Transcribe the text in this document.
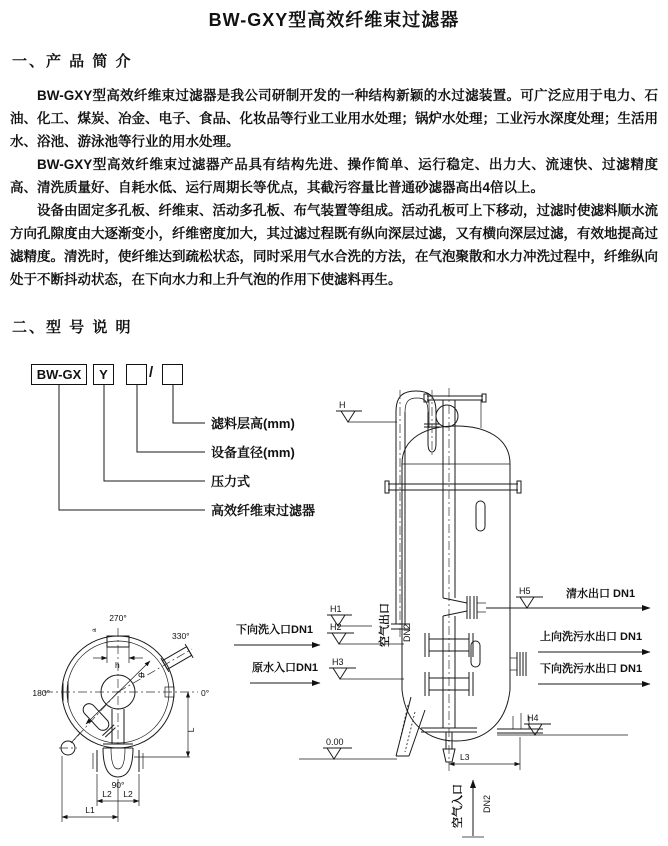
BW-GXY型高效纤维束过滤器
一、产 品 简 介

BW-GXY型高效纤维束过滤器是我公司研制开发的一种结构新颖的水过滤装置。可广泛应用于电力、石油、化工、煤炭、冶金、电子、食品、化妆品等行业工业用水处理；锅炉水处理；工业污水深度处理；生活用水、浴池、游泳池等行业的用水处理。

BW-GXY型高效纤维束过滤器产品具有结构先进、操作简单、运行稳定、出力大、流速快、过滤精度高、清洗质量好、自耗水低、运行周期长等优点，其截污容量比普通砂滤器高出4倍以上。

设备由固定多孔板、纤维束、活动多孔板、布气装置等组成。活动孔板可上下移动，过滤时使滤料顺水流方向孔隙度由大逐渐变小，纤维密度加大，其过滤过程既有纵向深层过滤，又有横向深层过滤，有效地提高过滤精度。清洗时，使纤维达到疏松状态，同时采用气水合洗的方法，在气泡聚散和水力冲洗过程中，纤维纵向处于不断抖动状态，在下向水力和上升气泡的作用下使滤料再生。

二、型 号 说 明
BW-GX	Y	/
滤料层高(mm)
设备直径(mm)
压力式
高效纤维束过滤器
h
a
Φ
L
L2 L2
L1
270°
330°
180°	0°
90°
H
H1
H2
H3
H5
H4
0.00
下向洗入口DN1
原水入口DN1
空气出口 DN2
清水出口 DN1
上向洗污水出口 DN1
下向洗污水出口 DN1
L3
空气入口 DN2
